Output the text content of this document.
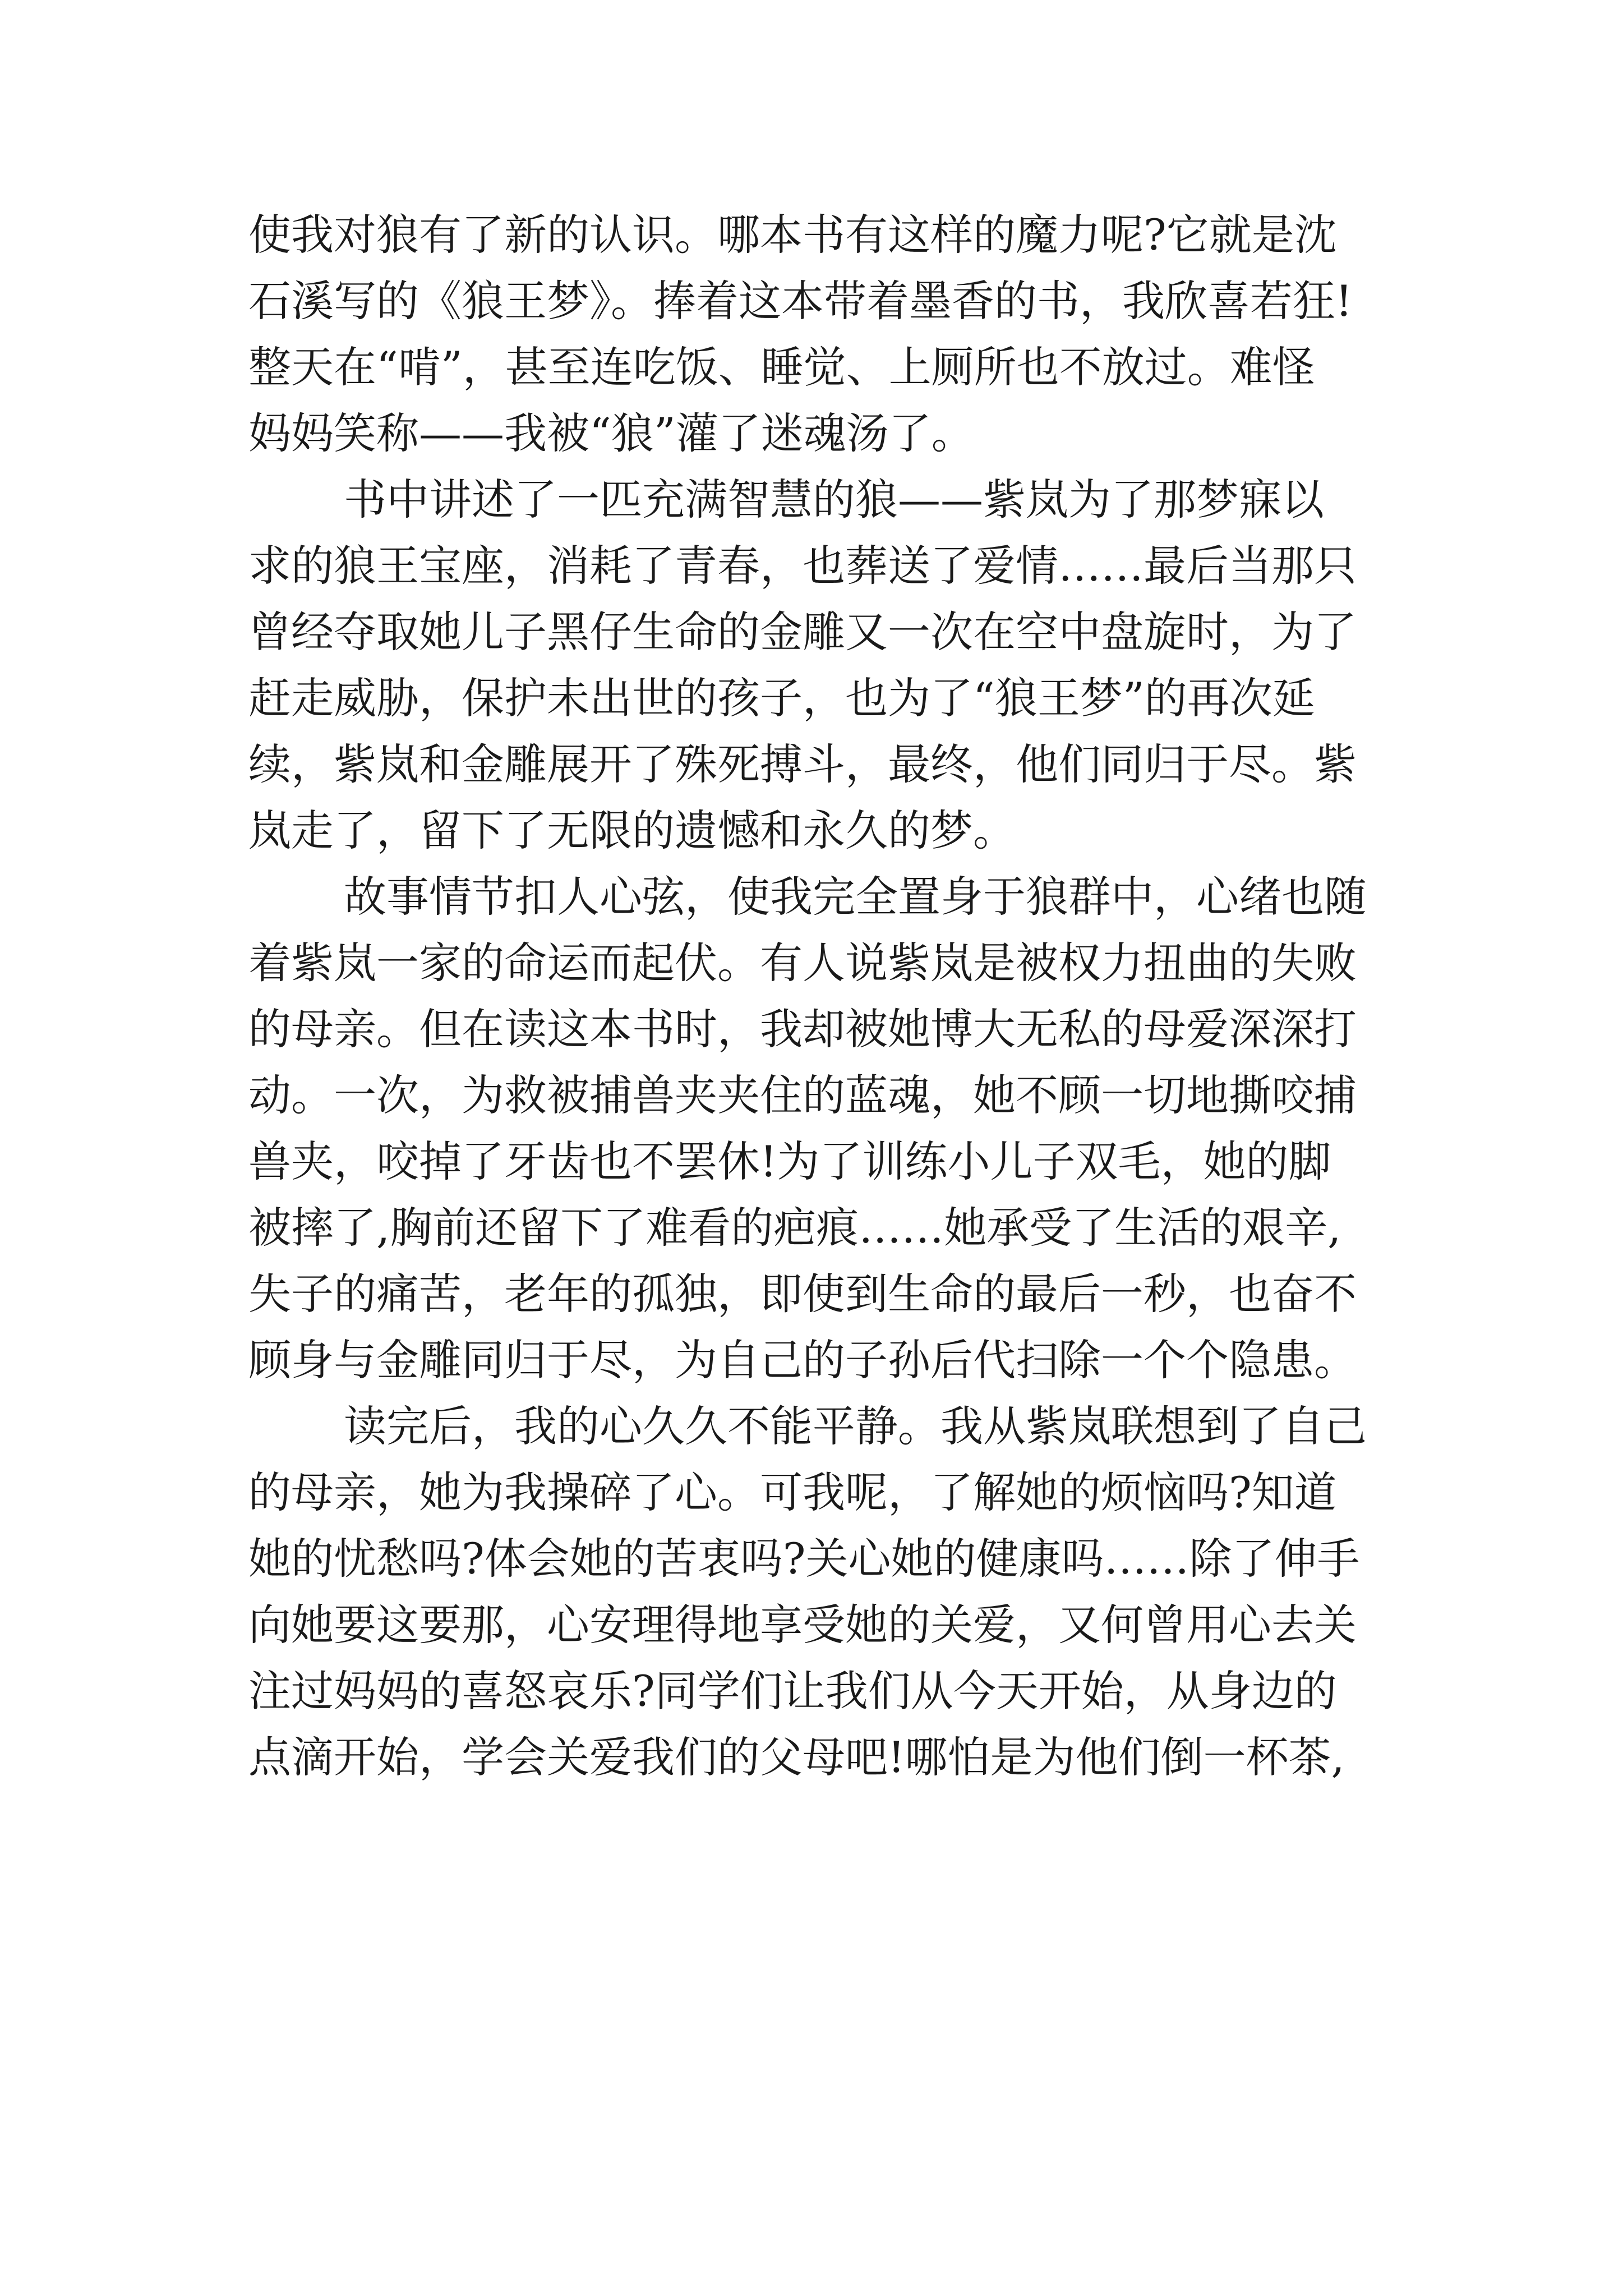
使我对狼有了新的认识。哪本书有这样的魔力呢?它就是沈
石溪写的《狼王梦》。捧着这本带着墨香的书，我欣喜若狂!
整天在“啃”，甚至连吃饭、睡觉、上厕所也不放过。难怪
妈妈笑称——我被“狼”灌了迷魂汤了。
书中讲述了一匹充满智慧的狼——紫岚为了那梦寐以
求的狼王宝座，消耗了青春，也葬送了爱情……最后当那只
曾经夺取她儿子黑仔生命的金雕又一次在空中盘旋时，为了
赶走威胁，保护未出世的孩子，也为了“狼王梦”的再次延
续，紫岚和金雕展开了殊死搏斗，最终，他们同归于尽。紫
岚走了，留下了无限的遗憾和永久的梦。
故事情节扣人心弦，使我完全置身于狼群中，心绪也随
着紫岚一家的命运而起伏。有人说紫岚是被权力扭曲的失败
的母亲。但在读这本书时，我却被她博大无私的母爱深深打
动。一次，为救被捕兽夹夹住的蓝魂，她不顾一切地撕咬捕
兽夹，咬掉了牙齿也不罢休!为了训练小儿子双毛，她的脚
被摔了,胸前还留下了难看的疤痕……她承受了生活的艰辛,
失子的痛苦，老年的孤独，即使到生命的最后一秒，也奋不
顾身与金雕同归于尽，为自己的子孙后代扫除一个个隐患。
读完后，我的心久久不能平静。我从紫岚联想到了自己
的母亲，她为我操碎了心。可我呢，了解她的烦恼吗?知道
她的忧愁吗?体会她的苦衷吗?关心她的健康吗……除了伸手
向她要这要那，心安理得地享受她的关爱，又何曾用心去关
注过妈妈的喜怒哀乐?同学们让我们从今天开始，从身边的
点滴开始，学会关爱我们的父母吧!哪怕是为他们倒一杯茶,
